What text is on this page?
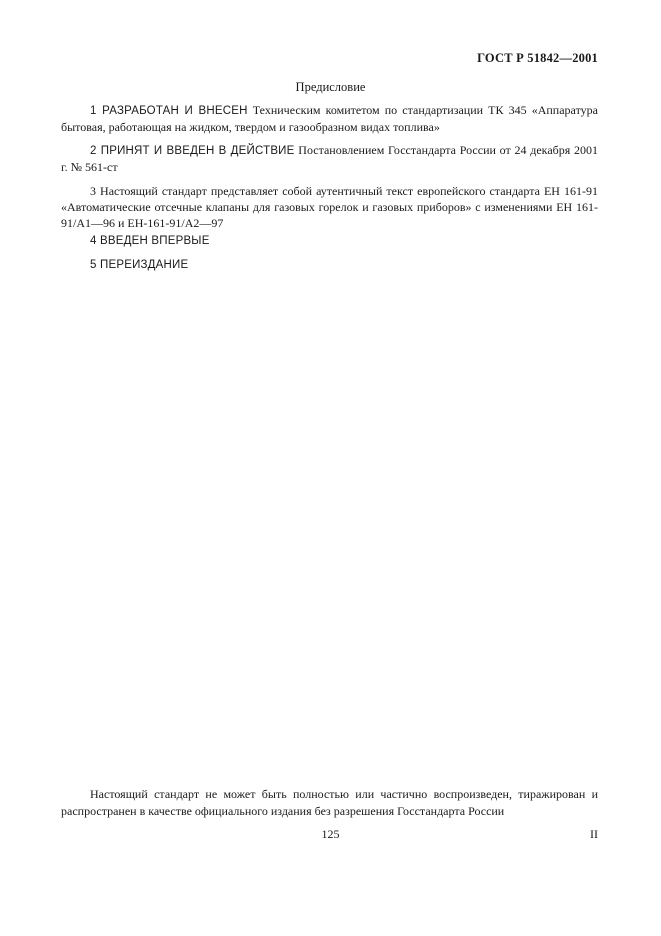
ГОСТ Р 51842—2001
Предисловие

1 РАЗРАБОТАН И ВНЕСЕН Техническим комитетом по стандартизации ТК 345 «Аппаратура бытовая, работающая на жидком, твердом и газообразном видах топлива»

2 ПРИНЯТ И ВВЕДЕН В ДЕЙСТВИЕ Постановлением Госстандарта России от 24 декабря 2001 г. № 561-ст

3 Настоящий стандарт представляет собой аутентичный текст европейского стандарта ЕН 161-91 «Автоматические отсечные клапаны для газовых горелок и газовых приборов» с изменениями ЕН 161-91/А1—96 и ЕН-161-91/А2—97

4 ВВЕДЕН ВПЕРВЫЕ

5 ПЕРЕИЗДАНИЕ

Настоящий стандарт не может быть полностью или частично воспроизведен, тиражирован и распространен в качестве официального издания без разрешения Госстандарта России

125	II
